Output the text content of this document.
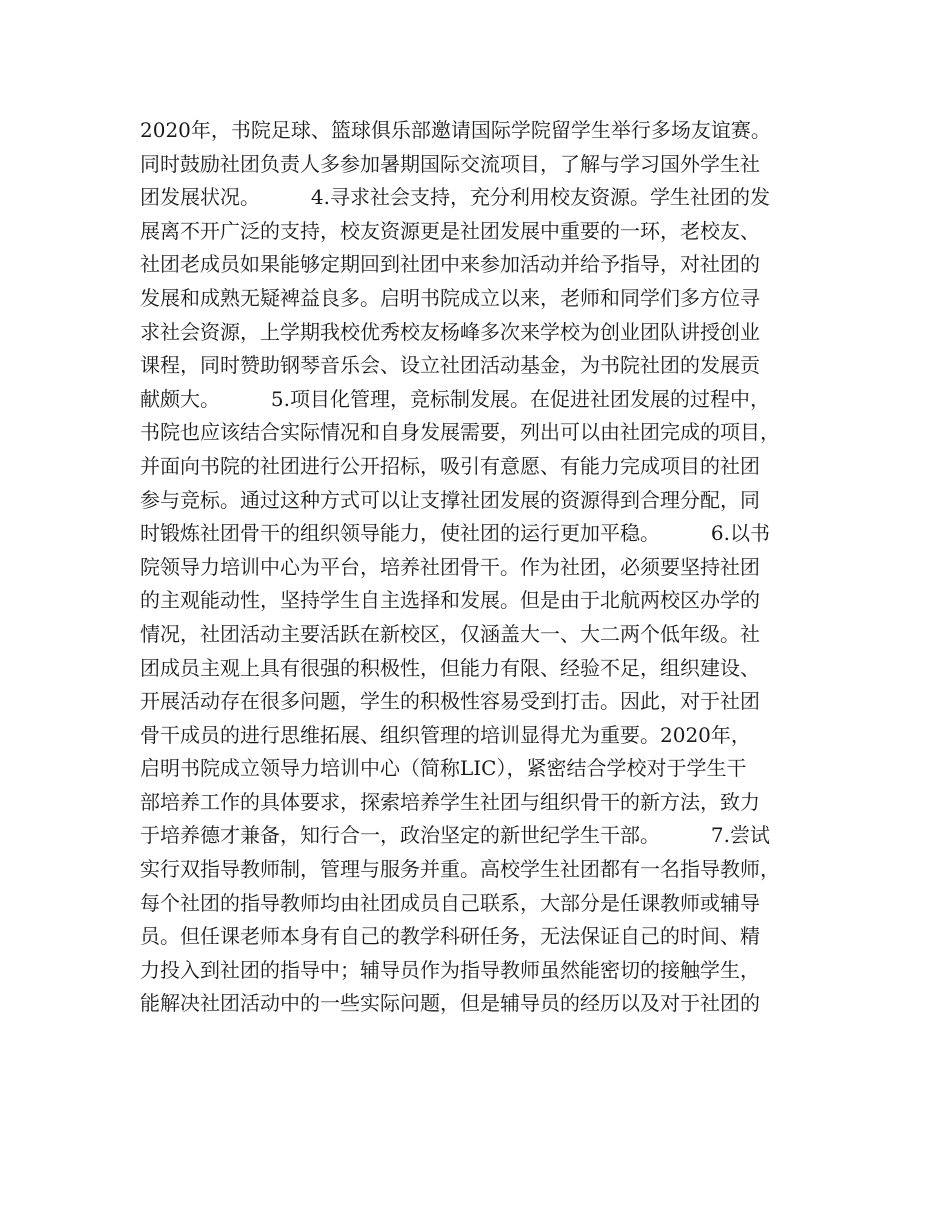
2020年，书院足球、篮球俱乐部邀请国际学院留学生举行多场友谊赛。
同时鼓励社团负责人多参加暑期国际交流项目，了解与学习国外学生社
团发展状况。        4.寻求社会支持，充分利用校友资源。学生社团的发
展离不开广泛的支持，校友资源更是社团发展中重要的一环，老校友、
社团老成员如果能够定期回到社团中来参加活动并给予指导，对社团的
发展和成熟无疑裨益良多。启明书院成立以来，老师和同学们多方位寻
求社会资源，上学期我校优秀校友杨峰多次来学校为创业团队讲授创业
课程，同时赞助钢琴音乐会、设立社团活动基金，为书院社团的发展贡
献颇大。        5.项目化管理，竞标制发展。在促进社团发展的过程中，
书院也应该结合实际情况和自身发展需要，列出可以由社团完成的项目，
并面向书院的社团进行公开招标，吸引有意愿、有能力完成项目的社团
参与竞标。通过这种方式可以让支撑社团发展的资源得到合理分配，同
时锻炼社团骨干的组织领导能力，使社团的运行更加平稳。        6.以书
院领导力培训中心为平台，培养社团骨干。作为社团，必须要坚持社团
的主观能动性，坚持学生自主选择和发展。但是由于北航两校区办学的
情况，社团活动主要活跃在新校区，仅涵盖大一、大二两个低年级。社
团成员主观上具有很强的积极性，但能力有限、经验不足，组织建设、
开展活动存在很多问题，学生的积极性容易受到打击。因此，对于社团
骨干成员的进行思维拓展、组织管理的培训显得尤为重要。2020年，
启明书院成立领导力培训中心（简称LIC），紧密结合学校对于学生干
部培养工作的具体要求，探索培养学生社团与组织骨干的新方法，致力
于培养德才兼备，知行合一，政治坚定的新世纪学生干部。        7.尝试
实行双指导教师制，管理与服务并重。高校学生社团都有一名指导教师，
每个社团的指导教师均由社团成员自己联系，大部分是任课教师或辅导
员。但任课老师本身有自己的教学科研任务，无法保证自己的时间、精
力投入到社团的指导中；辅导员作为指导教师虽然能密切的接触学生，
能解决社团活动中的一些实际问题，但是辅导员的经历以及对于社团的
